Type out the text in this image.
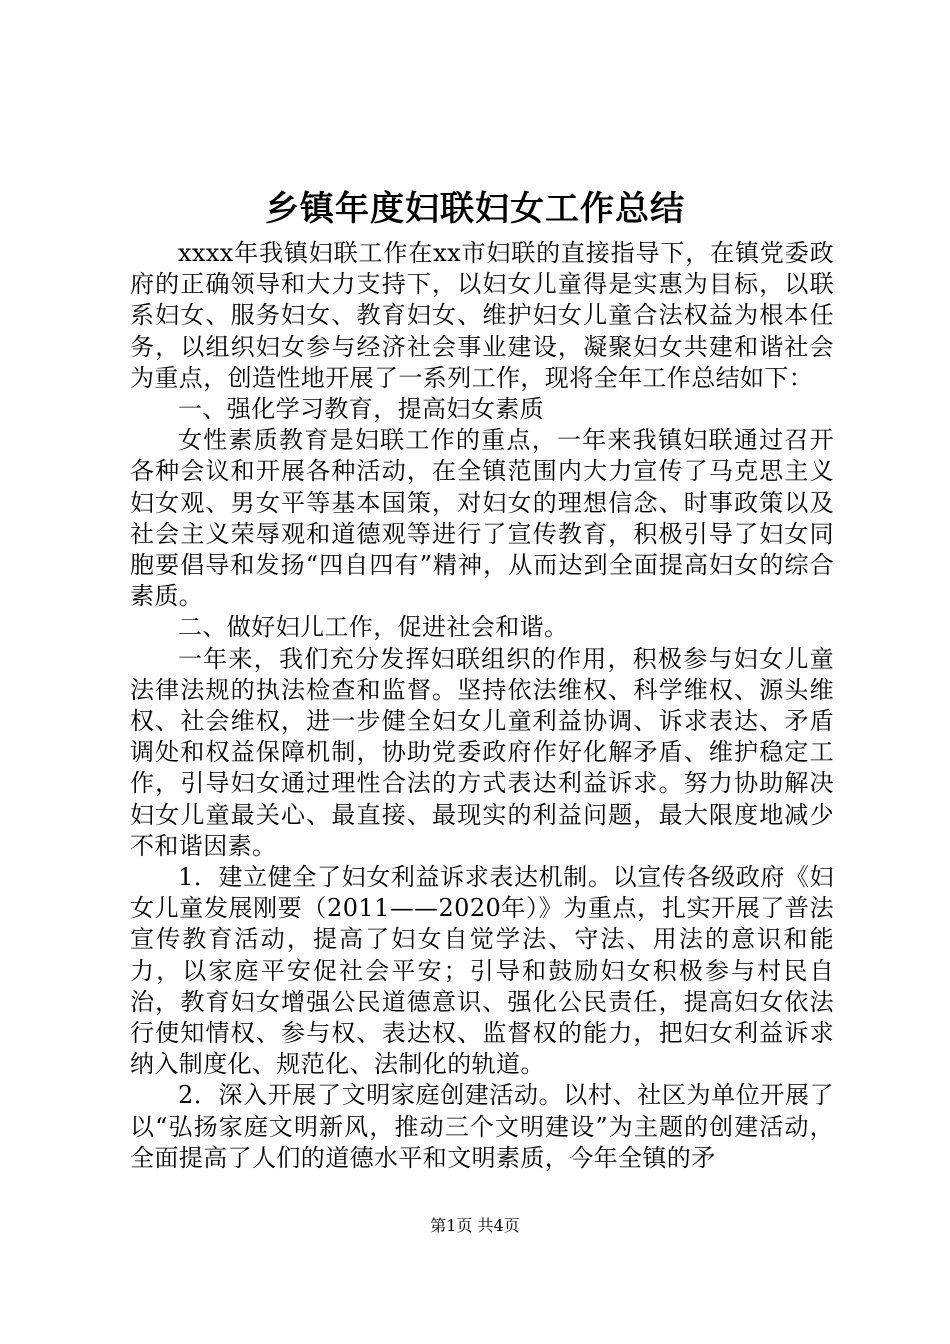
乡镇年度妇联妇女工作总结

xxxx年我镇妇联工作在xx市妇联的直接指导下，在镇党委政府的正确领导和大力支持下，以妇女儿童得是实惠为目标，以联系妇女、服务妇女、教育妇女、维护妇女儿童合法权益为根本任务，以组织妇女参与经济社会事业建设，凝聚妇女共建和谐社会为重点，创造性地开展了一系列工作，现将全年工作总结如下：

一、强化学习教育，提高妇女素质

女性素质教育是妇联工作的重点，一年来我镇妇联通过召开各种会议和开展各种活动，在全镇范围内大力宣传了马克思主义妇女观、男女平等基本国策，对妇女的理想信念、时事政策以及社会主义荣辱观和道德观等进行了宣传教育，积极引导了妇女同胞要倡导和发扬“四自四有”精神，从而达到全面提高妇女的综合素质。

二、做好妇儿工作，促进社会和谐。

一年来，我们充分发挥妇联组织的作用，积极参与妇女儿童法律法规的执法检查和监督。坚持依法维权、科学维权、源头维权、社会维权，进一步健全妇女儿童利益协调、诉求表达、矛盾调处和权益保障机制，协助党委政府作好化解矛盾、维护稳定工作，引导妇女通过理性合法的方式表达利益诉求。努力协助解决妇女儿童最关心、最直接、最现实的利益问题，最大限度地减少不和谐因素。

1．建立健全了妇女利益诉求表达机制。以宣传各级政府《妇女儿童发展刚要（2011——2020年）》为重点，扎实开展了普法宣传教育活动，提高了妇女自觉学法、守法、用法的意识和能力，以家庭平安促社会平安；引导和鼓励妇女积极参与村民自治，教育妇女增强公民道德意识、强化公民责任，提高妇女依法行使知情权、参与权、表达权、监督权的能力，把妇女利益诉求纳入制度化、规范化、法制化的轨道。

2．深入开展了文明家庭创建活动。以村、社区为单位开展了以“弘扬家庭文明新风，推动三个文明建设”为主题的创建活动，全面提高了人们的道德水平和文明素质，今年全镇的矛

第1页 共4页
